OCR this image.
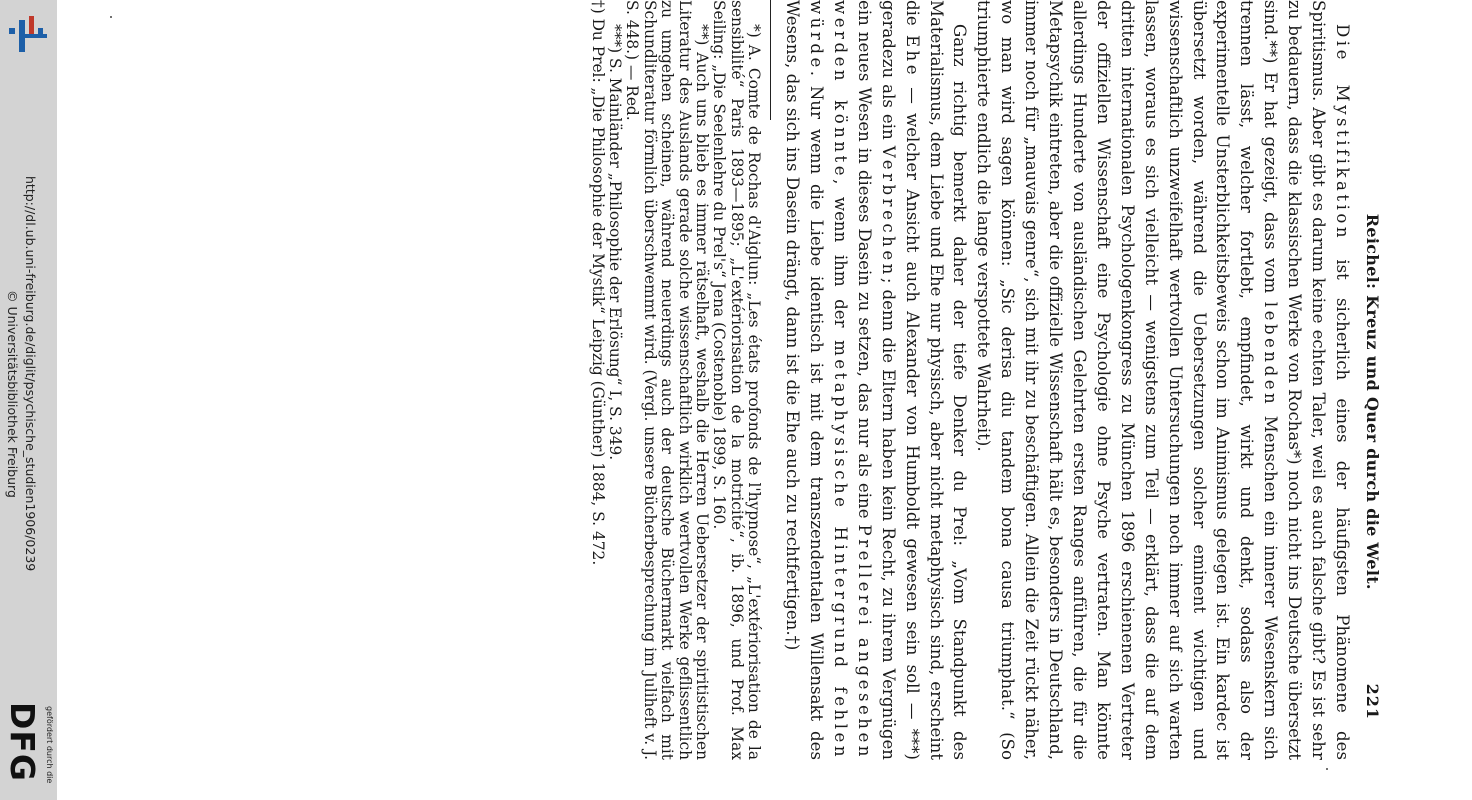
http://dl.ub.uni-freiburg.de/diglit/psychische_studien1906/0239
© Universitätsbibliothek Freiburg
gefördert durch die
DFG
Reichel: Kreuz und Quer durch die Welt.
221

Die Mystifikation ist sicherlich eines der häufigsten Phänomene des Spiritismus. Aber gibt es darum keine echten Taler, weil es auch falsche gibt? Es ist sehr zu bedauern, dass die klassischen Werke von Rochas*) noch nicht ins Deutsche übersetzt sind.**) Er hat gezeigt, dass vom lebenden Menschen ein innerer Wesenskern sich trennen lässt, welcher fortlebt, empfindet, wirkt und denkt, sodass also der experimentelle Unsterblichkeitsbeweis schon im Animismus gelegen ist. Ein kardec ist übersetzt worden, während die Uebersetzungen solcher eminent wichtigen und wissenschaftlich unzweifelhaft wertvollen Untersuchungen noch immer auf sich warten lassen, woraus es sich vielleicht — wenigstens zum Teil — erklärt, dass die auf dem dritten internationalen Psychologenkongress zu München 1896 erschienenen Vertreter der offiziellen Wissenschaft eine Psychologie ohne Psyche vertraten. Man könnte allerdings Hunderte von ausländischen Gelehrten ersten Ranges anführen, die für die Metapsychik eintreten, aber die offizielle Wissenschaft hält es, besonders in Deutschland, immer noch für „mauvais genre“, sich mit ihr zu beschäftigen. Allein die Zeit rückt näher, wo man wird sagen können: „Sic derisa diu tandem bona causa triumphat.“ (So triumphierte endlich die lange verspottete Wahrheit).

Ganz richtig bemerkt daher der tiefe Denker du Prel: „Vom Standpunkt des Materialismus, dem Liebe und Ehe nur physisch, aber nicht metaphysisch sind, erscheint die Ehe — welcher Ansicht auch Alexander von Humboldt gewesen sein soll — ***) geradezu als ein Verbrechen; denn die Eltern haben kein Recht, zu ihrem Vergnügen ein neues Wesen in dieses Dasein zu setzen, das nur als eine Prellerei angesehen werden könnte, wenn ihm der metaphysische Hintergrund fehlen würde. Nur wenn die Liebe identisch ist mit dem transzendentalen Willensakt des Wesens, das sich ins Dasein drängt, dann ist die Ehe auch zu rechtfertigen.†)

*) A. Comte de Rochas d'Aiglun: „Les états profonds de l'hypnose“, „L'extériorisation de la sensibilité“ Paris 1893—1895; „L'extériorisation de la motricité“, ib. 1896, und Prof. Max Seiling: „Die Seelenlehre du Prel's“ Jena (Costenoble) 1899, S. 160.

**) Auch uns blieb es immer rätselhaft, weshalb die Herren Uebersetzer der spiritistischen Literatur des Auslands gerade solche wissenschaftlich wirklich wertvollen Werke geflissentlich zu umgehen scheinen, während neuerdings auch der deutsche Büchermarkt vielfach mit Schundliteratur förmlich überschwemmt wird. (Vergl. unsere Bücherbesprechung im Juliheft v. J. S. 448.) — Red.

***) S. Mainländer „Philosophie der Erlösung“ I, S. 349.

†) Du Prel: „Die Philosophie der Mystik“ Leipzig (Günther) 1884, S. 472.
